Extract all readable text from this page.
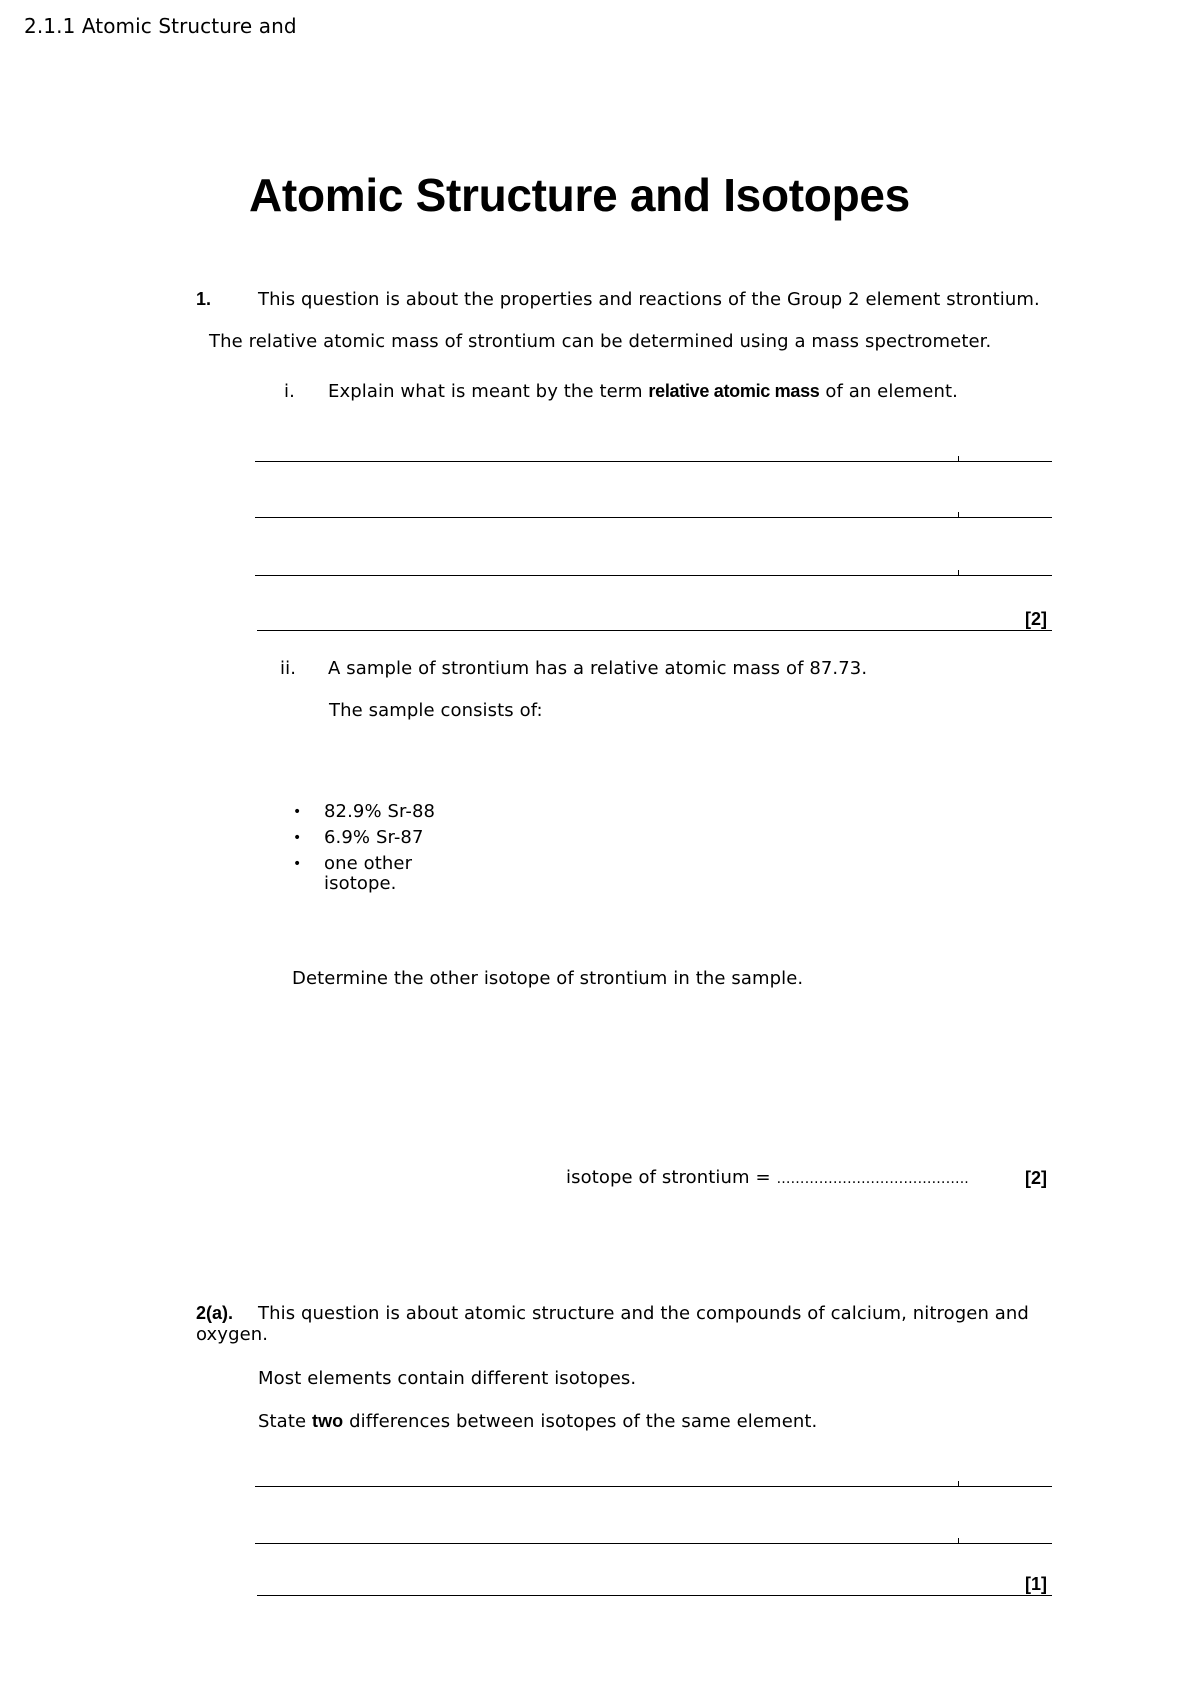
2.1.1 Atomic Structure and
Atomic Structure and Isotopes
1.	This question is about the properties and reactions of the Group 2 element strontium.
The relative atomic mass of strontium can be determined using a mass spectrometer.
i. Explain what is meant by the term relative atomic mass of an element.
[2]
ii. A sample of strontium has a relative atomic mass of 87.73.
The sample consists of:
• 82.9% Sr-88
• 6.9% Sr-87
• one other
isotope.
Determine the other isotope of strontium in the sample.
isotope of strontium = …………………………………..	[2]
2(a). This question is about atomic structure and the compounds of calcium, nitrogen and
oxygen.
Most elements contain different isotopes.
State two differences between isotopes of the same element.
[1]
